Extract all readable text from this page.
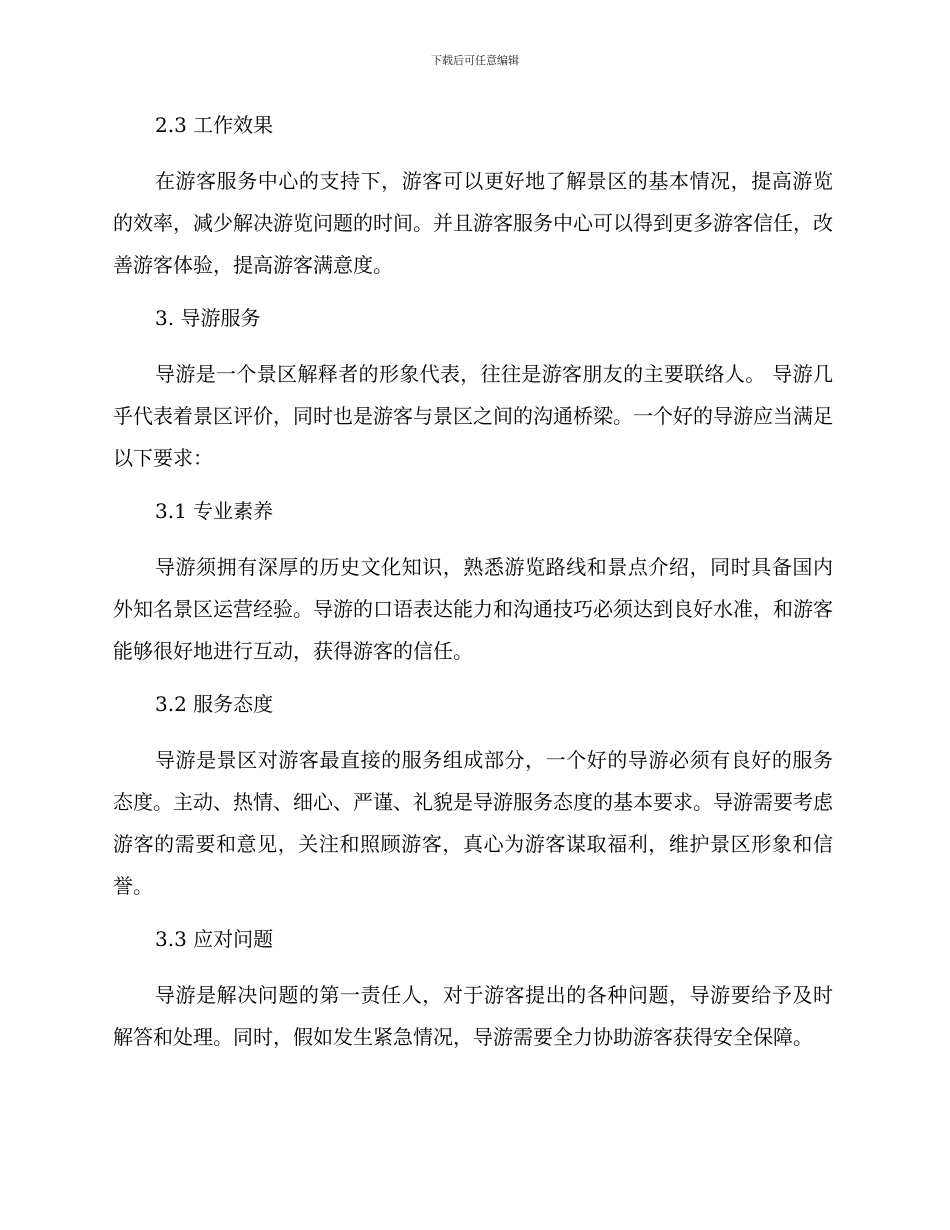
下载后可任意编辑
2.3 工作效果

在游客服务中心的支持下，游客可以更好地了解景区的基本情况，提高游览的效率，减少解决游览问题的时间。并且游客服务中心可以得到更多游客信任，改善游客体验，提高游客满意度。

3. 导游服务

导游是一个景区解释者的形象代表，往往是游客朋友的主要联络人。 导游几乎代表着景区评价，同时也是游客与景区之间的沟通桥梁。一个好的导游应当满足以下要求：

3.1 专业素养

导游须拥有深厚的历史文化知识，熟悉游览路线和景点介绍，同时具备国内外知名景区运营经验。导游的口语表达能力和沟通技巧必须达到良好水准，和游客能够很好地进行互动，获得游客的信任。

3.2 服务态度

导游是景区对游客最直接的服务组成部分，一个好的导游必须有良好的服务态度。主动、热情、细心、严谨、礼貌是导游服务态度的基本要求。导游需要考虑游客的需要和意见，关注和照顾游客，真心为游客谋取福利，维护景区形象和信誉。

3.3 应对问题

导游是解决问题的第一责任人，对于游客提出的各种问题，导游要给予及时解答和处理。同时，假如发生紧急情况，导游需要全力协助游客获得安全保障。
